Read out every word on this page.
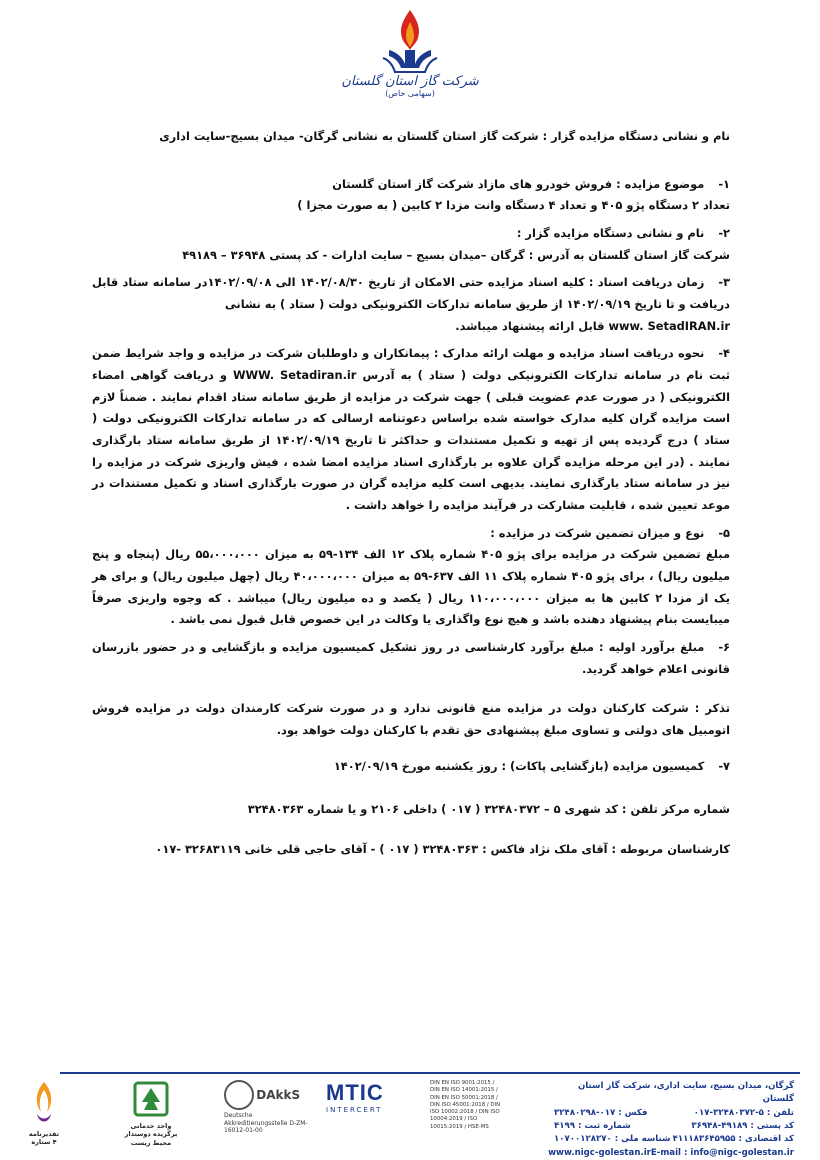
شرکت گاز استان گلستان
(سهامی خاص)
نام و نشانی دستگاه مزایده گزار : شرکت گاز استان گلستان به نشانی گرگان- میدان بسیج-سایت اداری
۱-موضوع مزایده : فروش خودرو های مازاد شرکت گاز استان گلستان
تعداد ۲ دستگاه پژو ۴۰۵ و تعداد ۴ دستگاه وانت مزدا ۲ کابین ( به صورت مجزا )
۲-نام و نشانی دستگاه مزایده گزار :
شرکت گاز استان گلستان به آدرس : گرگان –میدان بسیج – سایت ادارات - کد پستی ۳۶۹۴۸ – ۴۹۱۸۹
۳-زمان دریافت اسناد : کلیه اسناد مزایده حتی الامکان از تاریخ ۱۴۰۲/۰۸/۳۰ الی ۱۴۰۲/۰۹/۰۸در سامانه ستاد قابل دریافت و تا تاریخ ۱۴۰۲/۰۹/۱۹ از طریق سامانه تدارکات الکترونیکی دولت ( ستاد ) به نشانی
www. SetadIRAN.ir قابل ارائه پیشنهاد میباشد.
۴-نحوه دریافت اسناد مزایده و مهلت ارائه مدارک : پیمانکاران و داوطلبان شرکت در مزایده و واجد شرایط ضمن ثبت نام در سامانه تدارکات الکترونیکی دولت ( ستاد ) به آدرس WWW. Setadiran.ir و دریافت گواهی امضاء الکترونیکی ( در صورت عدم عضویت قبلی ) جهت شرکت در مزایده از طریق سامانه ستاد اقدام نمایند . ضمناً لازم است مزایده گران کلیه مدارک خواسته شده براساس دعوتنامه ارسالی که در سامانه تدارکات الکترونیکی دولت ( ستاد ) درج گردیده پس از تهیه و تکمیل مستندات و حداکثر تا تاریخ ۱۴۰۲/۰۹/۱۹ از طریق سامانه ستاد بارگذاری نمایند . (در این مرحله مزایده گران علاوه بر بارگذاری اسناد مزایده امضا شده ، فیش واریزی شرکت در مزایده را نیز در سامانه ستاد بارگذاری نمایند. بدیهی است کلیه مزایده گران در صورت بارگذاری اسناد و تکمیل مستندات در موعد تعیین شده ، قابلیت مشارکت در فرآیند مزایده را خواهد داشت .
۵-نوع و میزان تضمین شرکت در مزایده :
مبلغ تضمین شرکت در مزایده برای پژو ۴۰۵ شماره پلاک ۱۲ الف ۱۳۴-۵۹ به میزان ۵۵،۰۰۰،۰۰۰ ریال (پنجاه و پنج میلیون ریال) ، برای پژو ۴۰۵ شماره پلاک ۱۱ الف ۶۳۷-۵۹ به میزان ۴۰،۰۰۰،۰۰۰ ریال (چهل میلیون ریال) و برای هر یک از مزدا ۲ کابین ها به میزان ۱۱۰،۰۰۰،۰۰۰ ریال ( یکصد و ده میلیون ریال) میباشد . که وجوه واریزی صرفاً میبایست بنام پیشنهاد دهنده باشد و هیچ نوع واگذاری یا وکالت در این خصوص قابل قبول نمی باشد .
۶-مبلغ برآورد اولیه : مبلغ برآورد کارشناسی در روز تشکیل کمیسیون مزایده و بازگشایی و در حضور بازرسان قانونی اعلام خواهد گردید.
تذکر : شرکت کارکنان دولت در مزایده منع قانونی ندارد و در صورت شرکت کارمندان دولت در مزایده فروش اتومبیل های دولتی و تساوی مبلغ پیشنهادی حق تقدم با کارکنان دولت خواهد بود.
۷-کمیسیون مزایده (بازگشایی پاکات) : روز یکشنبه مورخ ۱۴۰۲/۰۹/۱۹
شماره مرکز تلفن : کد شهری ۵ – ۳۲۴۸۰۳۷۲ ( ۰۱۷ ) داخلی ۲۱۰۶ و یا شماره ۳۲۴۸۰۳۶۳
کارشناسان مربوطه : آقای ملک نژاد فاکس : ۳۲۴۸۰۳۶۳ ( ۰۱۷ ) - آقای حاجی قلی خانی ۳۲۶۸۳۱۱۹ -۰۱۷
تقدیرنامه ۴ ستاره
واحد خدماتی برگزیده دوستدار محیط زیست
DAkkS
Deutsche Akkreditierungsstelle D-ZM-16012-01-00
MTIC
INTERCERT
DIN EN ISO 9001:2015 / DIN EN ISO 14001:2015 / DIN EN ISO 50001:2018 / DIN ISO 45001:2018 / DIN ISO 10002:2018 / DIN ISO 10004:2019 / ISO 10015:2019 / HSE-MS
گرگان، میدان بسیج، سایت اداری، شرکت گاز استان گلستان
تلفن : ۵-۳۲۴۸۰۳۷۲-۰۱۷
فکس : ۰۱۷-۳۲۴۸۰۲۹۸
کد پستی : ۴۹۱۸۹-۳۶۹۴۸
شماره ثبت : ۴۱۹۹
کد اقتصادی : ۴۱۱۱۸۳۶۴۵۹۵۵
شناسه ملی : ۱۰۷۰۰۱۲۸۲۷۰
E-mail : info@nigc-golestan.ir
www.nigc-golestan.ir
